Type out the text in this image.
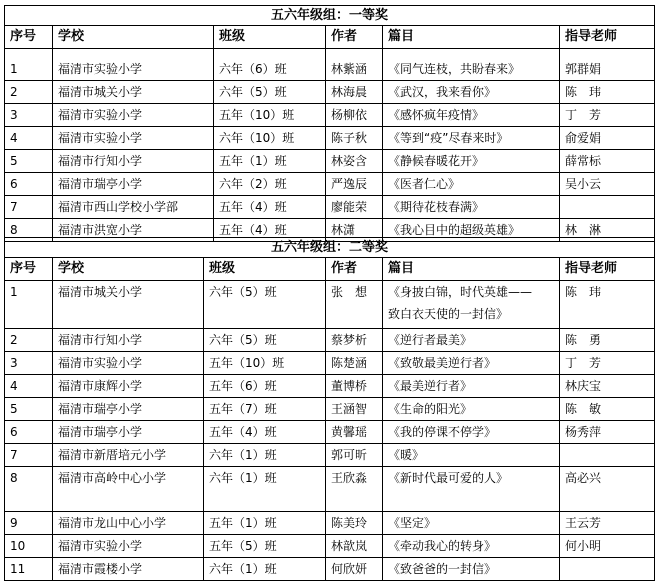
五六年级组：一等奖					
序号	学校	班级	作者	篇目	指导老师
1	福清市实验小学	六年（6）班	林紫涵	《同气连枝，共盼春来》	郭群娟
2	福清市城关小学	六年（5）班	林海晨	《武汉，我来看你》	陈　玮
3	福清市实验小学	五年（10）班	杨柳依	《感怀疯年疫情》	丁　芳
4	福清市实验小学	六年（10）班	陈子秋	《等到“疫”尽春来时》	俞爱娟
5	福清市行知小学	五年（1）班	林姿含	《静候春暖花开》	薛常标
6	福清市瑞亭小学	六年（2）班	严逸辰	《医者仁心》	吴小云
7	福清市西山学校小学部	五年（4）班	廖能荣	《期待花枝春满》	
8	福清市洪宽小学	五年（4）班	林潇	《我心目中的超级英雄》	林　淋
五六年级组：二等奖					
序号	学校	班级	作者	篇目	指导老师
1	福清市城关小学	六年（5）班	张　想	《身披白锦，时代英雄——
致白衣天使的一封信》	陈　玮
2	福清市行知小学	六年（5）班	蔡梦析	《逆行者最美》	陈　勇
3	福清市实验小学	五年（10）班	陈楚涵	《致敬最美逆行者》	丁　芳
4	福清市康辉小学	五年（6）班	董博桥	《最美逆行者》	林庆宝
5	福清市瑞亭小学	五年（7）班	王涵智	《生命的阳光》	陈　敏
6	福清市瑞亭小学	五年（4）班	黄馨瑶	《我的停课不停学》	杨秀萍
7	福清市新厝培元小学	六年（1）班	郭可昕	《暖》	
8	福清市高岭中心小学	六年（1）班	王欣淼	《新时代最可爱的人》	高必兴
9	福清市龙山中心小学	五年（1）班	陈美玲	《坚定》	王云芳
10	福清市实验小学	五年（5）班	林歆岚	《牵动我心的转身》	何小明
11	福清市霞楼小学	六年（1）班	何欣妍	《致爸爸的一封信》	
